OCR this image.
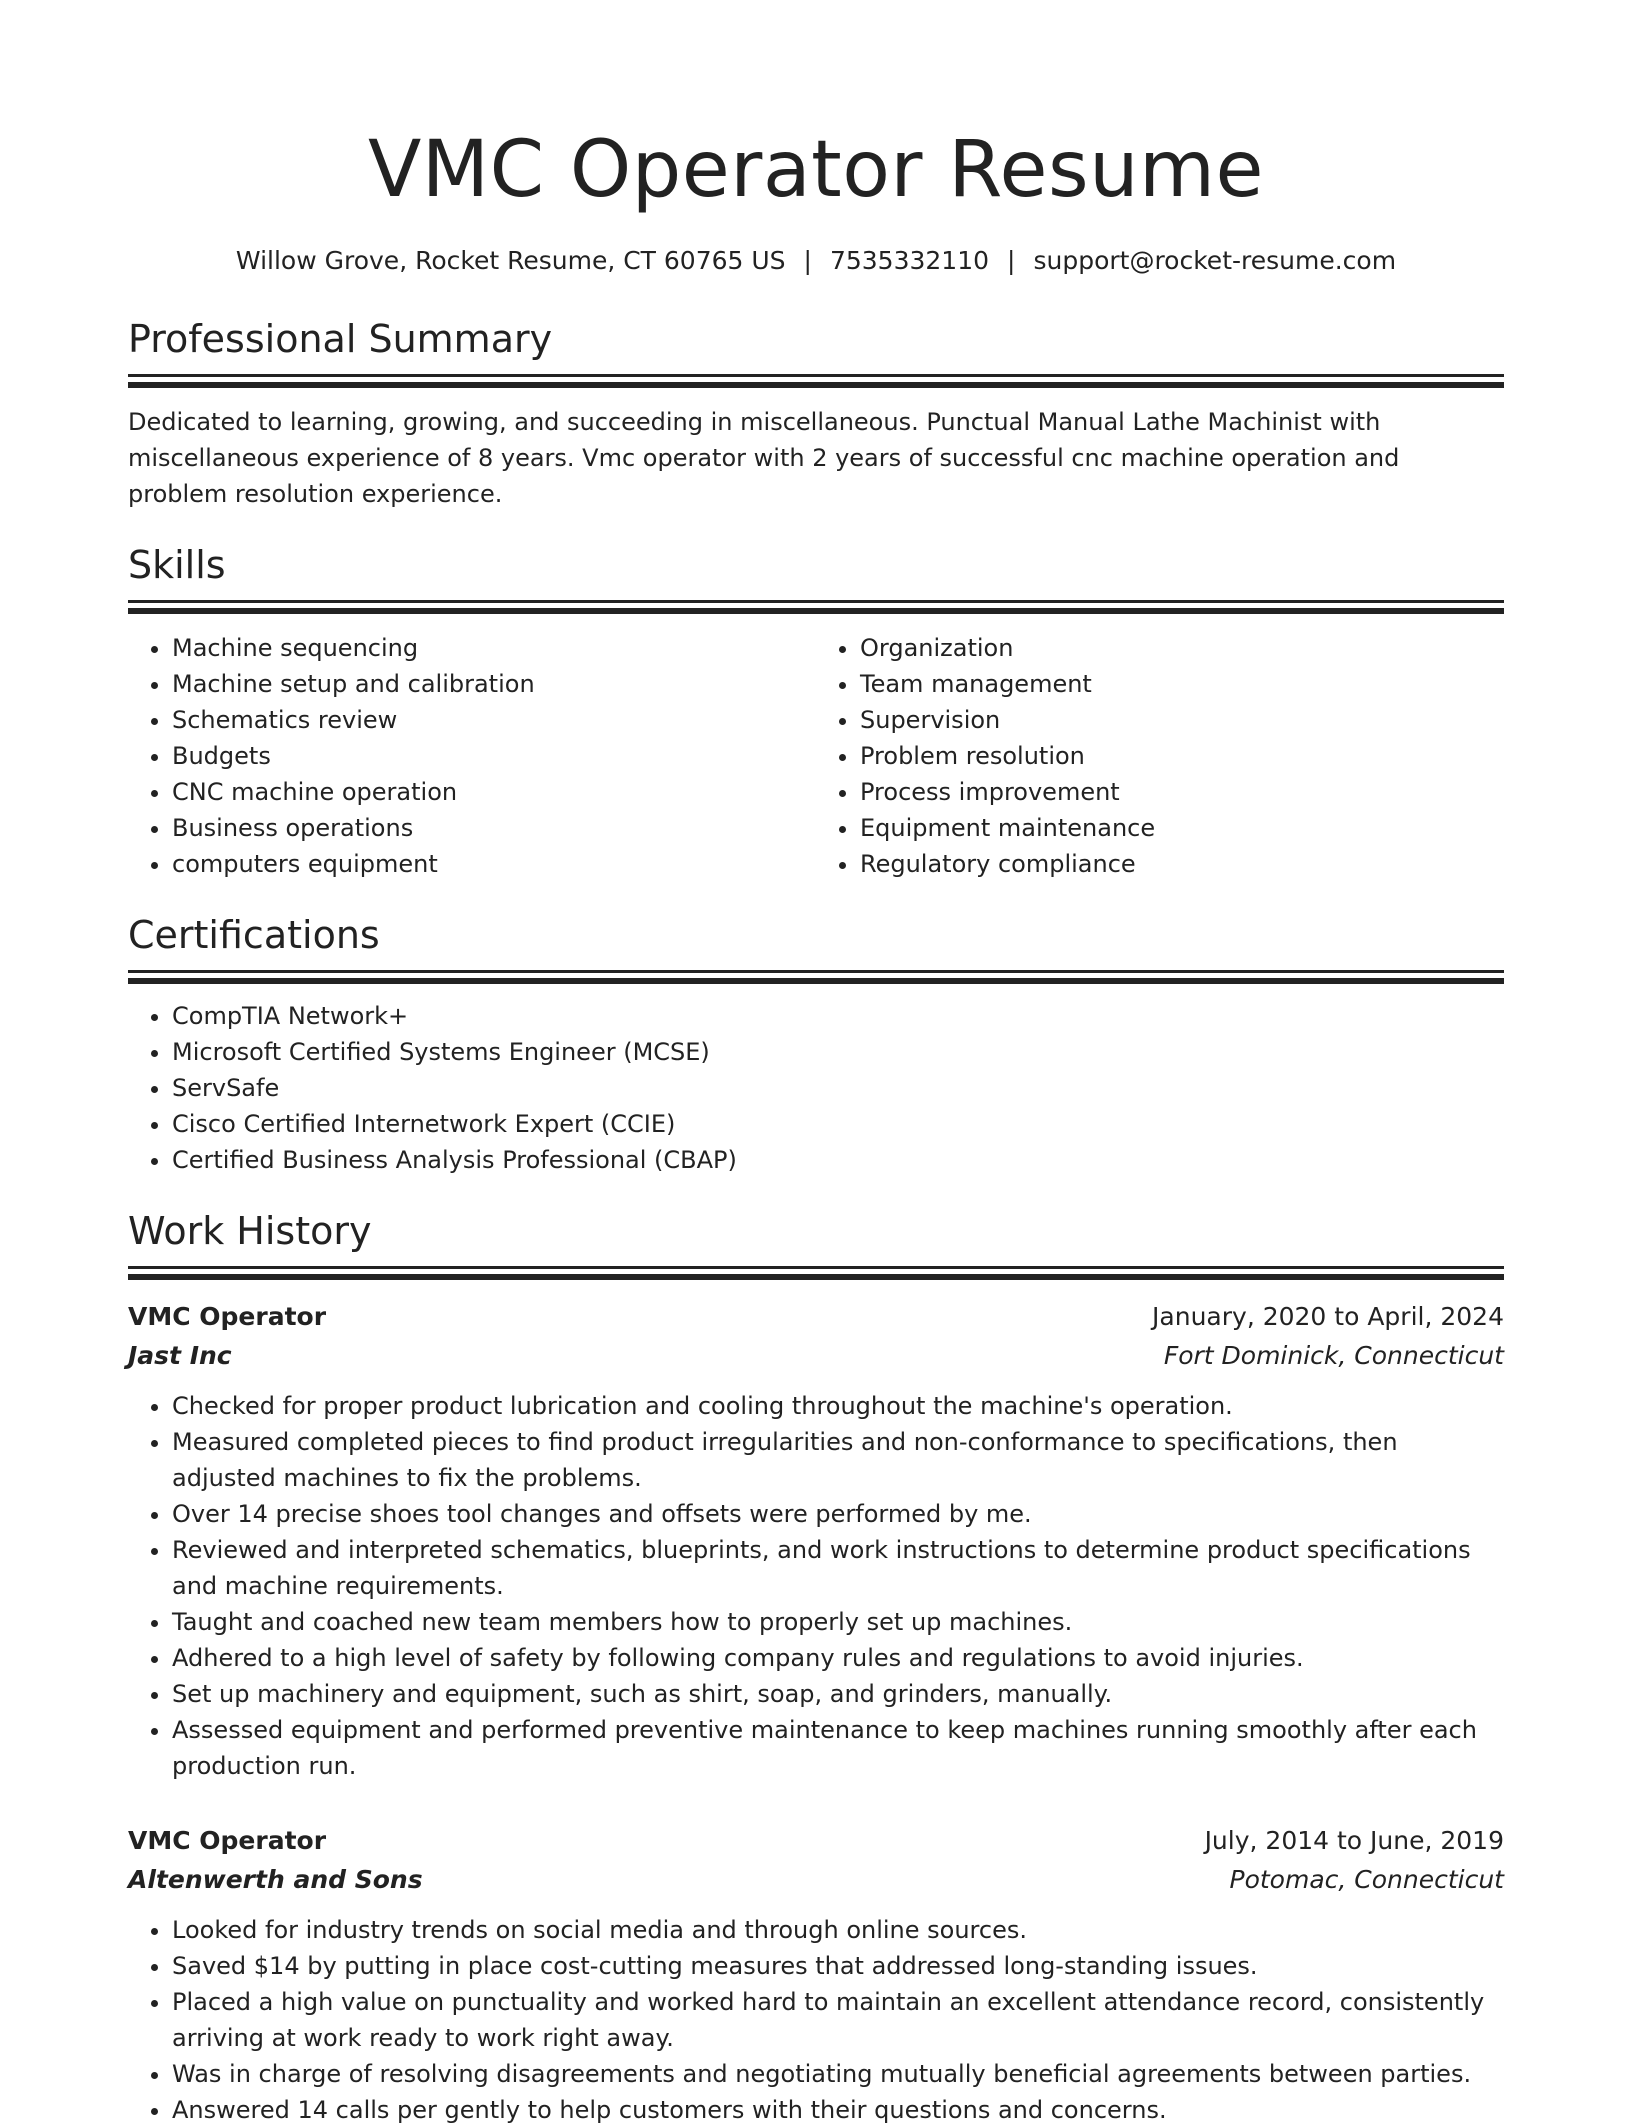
VMC Operator Resume
Willow Grove, Rocket Resume, CT 60765 US | 7535332110 | support@rocket-resume.com
Professional Summary
Dedicated to learning, growing, and succeeding in miscellaneous. Punctual Manual Lathe Machinist with miscellaneous experience of 8 years. Vmc operator with 2 years of successful cnc machine operation and problem resolution experience.
Skills
• Machine sequencing
• Machine setup and calibration
• Schematics review
• Budgets
• CNC machine operation
• Business operations
• computers equipment
• Organization
• Team management
• Supervision
• Problem resolution
• Process improvement
• Equipment maintenance
• Regulatory compliance
Certifications
• CompTIA Network+
• Microsoft Certified Systems Engineer (MCSE)
• ServSafe
• Cisco Certified Internetwork Expert (CCIE)
• Certified Business Analysis Professional (CBAP)
Work History
VMC Operator	January, 2020 to April, 2024
Jast Inc	Fort Dominick, Connecticut
• Checked for proper product lubrication and cooling throughout the machine's operation.
• Measured completed pieces to find product irregularities and non-conformance to specifications, then adjusted machines to fix the problems.
• Over 14 precise shoes tool changes and offsets were performed by me.
• Reviewed and interpreted schematics, blueprints, and work instructions to determine product specifications and machine requirements.
• Taught and coached new team members how to properly set up machines.
• Adhered to a high level of safety by following company rules and regulations to avoid injuries.
• Set up machinery and equipment, such as shirt, soap, and grinders, manually.
• Assessed equipment and performed preventive maintenance to keep machines running smoothly after each production run.
VMC Operator	July, 2014 to June, 2019
Altenwerth and Sons	Potomac, Connecticut
• Looked for industry trends on social media and through online sources.
• Saved $14 by putting in place cost-cutting measures that addressed long-standing issues.
• Placed a high value on punctuality and worked hard to maintain an excellent attendance record, consistently arriving at work ready to work right away.
• Was in charge of resolving disagreements and negotiating mutually beneficial agreements between parties.
• Answered 14 calls per gently to help customers with their questions and concerns.
